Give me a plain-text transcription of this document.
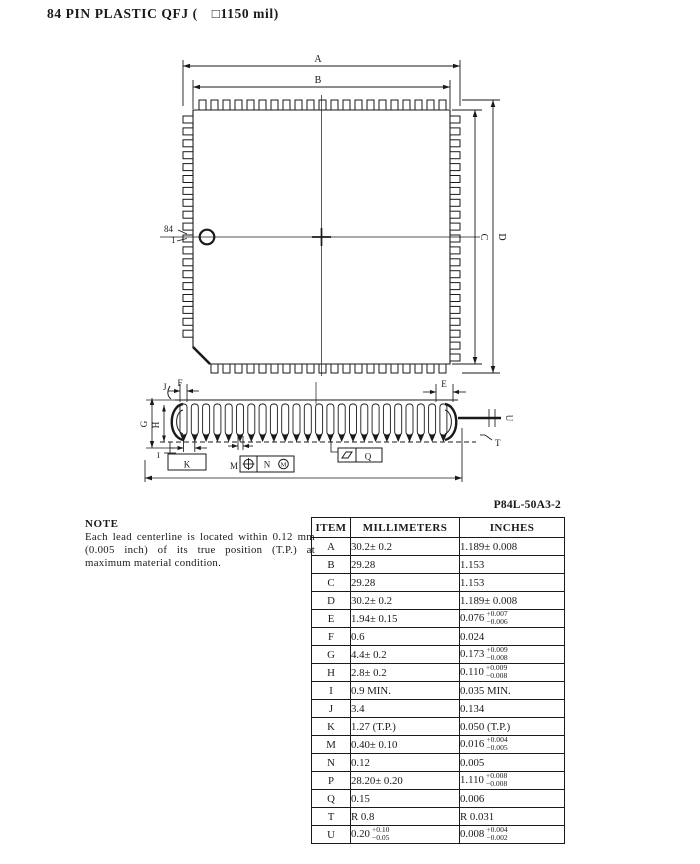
84 PIN PLASTIC QFJ ( □1150 mil)
A
B
C D
84
1
J F	E
G H
I
K	M	N M
Q
T
U
NOTE
Each lead centerline is located within 0.12 mm (0.005 inch) of its true position (T.P.) at maximum material condition.
P84L-50A3-2
ITEM	MILLIMETERS	INCHES
A	30.2± 0.2	1.189± 0.008
B	29.28	1.153
C	29.28	1.153
D	30.2± 0.2	1.189± 0.008
E	1.94± 0.15	0.076 +0.007
−0.006

F	0.6	0.024
G	4.4± 0.2	0.173 +0.009
−0.008

H	2.8± 0.2	0.110 +0.009
−0.008

I	0.9 MIN.	0.035 MIN.
J	3.4	0.134
K	1.27 (T.P.)	0.050 (T.P.)
M	0.40± 0.10	0.016 +0.004
−0.005

N	0.12	0.005
P	28.20± 0.20	1.110 +0.008
−0.008

Q	0.15	0.006
T	R 0.8	R 0.031
U	0.20 +0.10
−0.05	0.008 +0.004
−0.002
